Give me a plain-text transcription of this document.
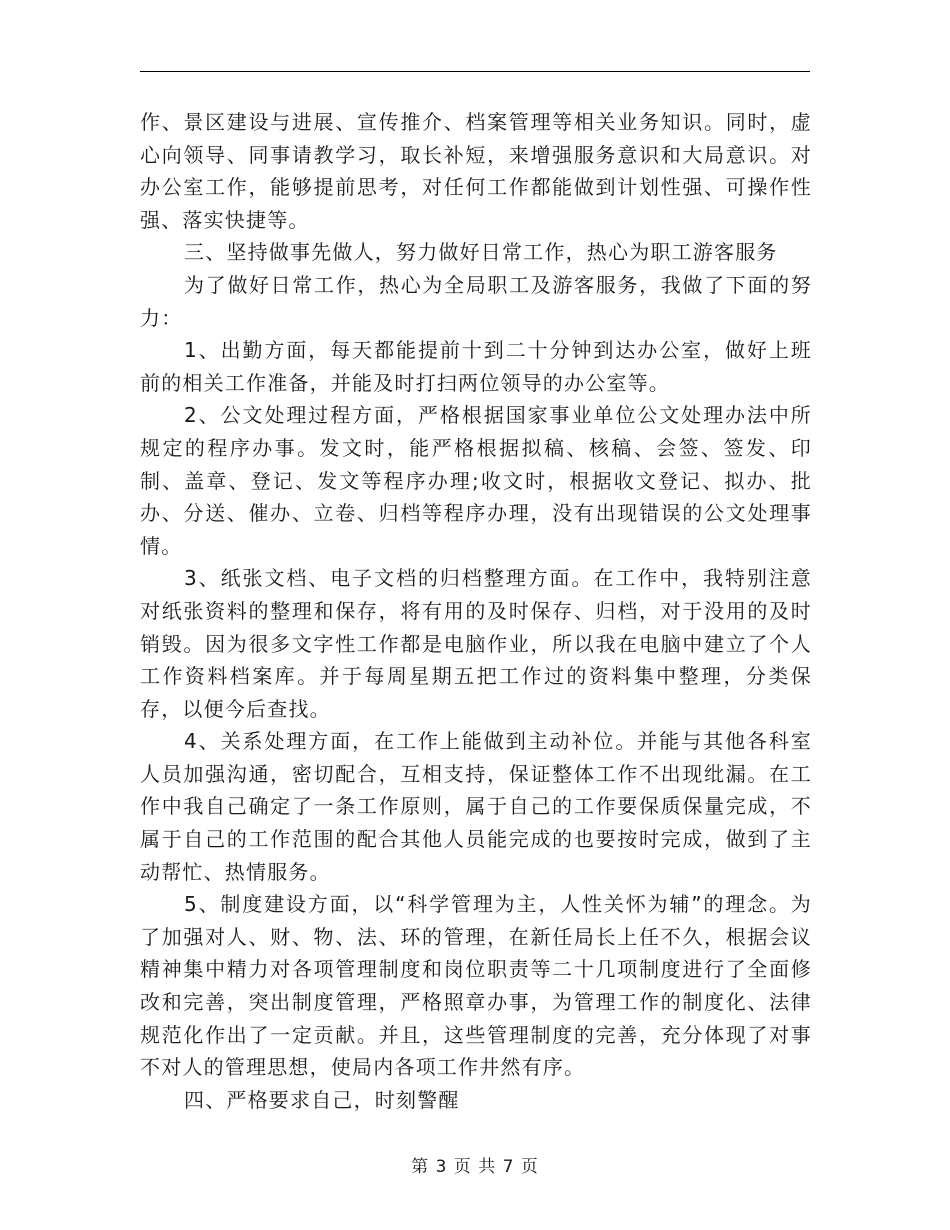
作、景区建设与进展、宣传推介、档案管理等相关业务知识。同时，虚心向领导、同事请教学习，取长补短，来增强服务意识和大局意识。对办公室工作，能够提前思考，对任何工作都能做到计划性强、可操作性强、落实快捷等。

三、坚持做事先做人，努力做好日常工作，热心为职工游客服务

为了做好日常工作，热心为全局职工及游客服务，我做了下面的努力：

1、出勤方面，每天都能提前十到二十分钟到达办公室，做好上班前的相关工作准备，并能及时打扫两位领导的办公室等。

2、公文处理过程方面，严格根据国家事业单位公文处理办法中所规定的程序办事。发文时，能严格根据拟稿、核稿、会签、签发、印制、盖章、登记、发文等程序办理;收文时，根据收文登记、拟办、批办、分送、催办、立卷、归档等程序办理，没有出现错误的公文处理事情。

3、纸张文档、电子文档的归档整理方面。在工作中，我特别注意对纸张资料的整理和保存，将有用的及时保存、归档，对于没用的及时销毁。因为很多文字性工作都是电脑作业，所以我在电脑中建立了个人工作资料档案库。并于每周星期五把工作过的资料集中整理，分类保存，以便今后查找。

4、关系处理方面，在工作上能做到主动补位。并能与其他各科室人员加强沟通，密切配合，互相支持，保证整体工作不出现纰漏。在工作中我自己确定了一条工作原则，属于自己的工作要保质保量完成，不属于自己的工作范围的配合其他人员能完成的也要按时完成，做到了主动帮忙、热情服务。

5、制度建设方面，以“科学管理为主，人性关怀为辅”的理念。为了加强对人、财、物、法、环的管理，在新任局长上任不久，根据会议精神集中精力对各项管理制度和岗位职责等二十几项制度进行了全面修改和完善，突出制度管理，严格照章办事，为管理工作的制度化、法律规范化作出了一定贡献。并且，这些管理制度的完善，充分体现了对事不对人的管理思想，使局内各项工作井然有序。

四、严格要求自己，时刻警醒

第 3 页 共 7 页
